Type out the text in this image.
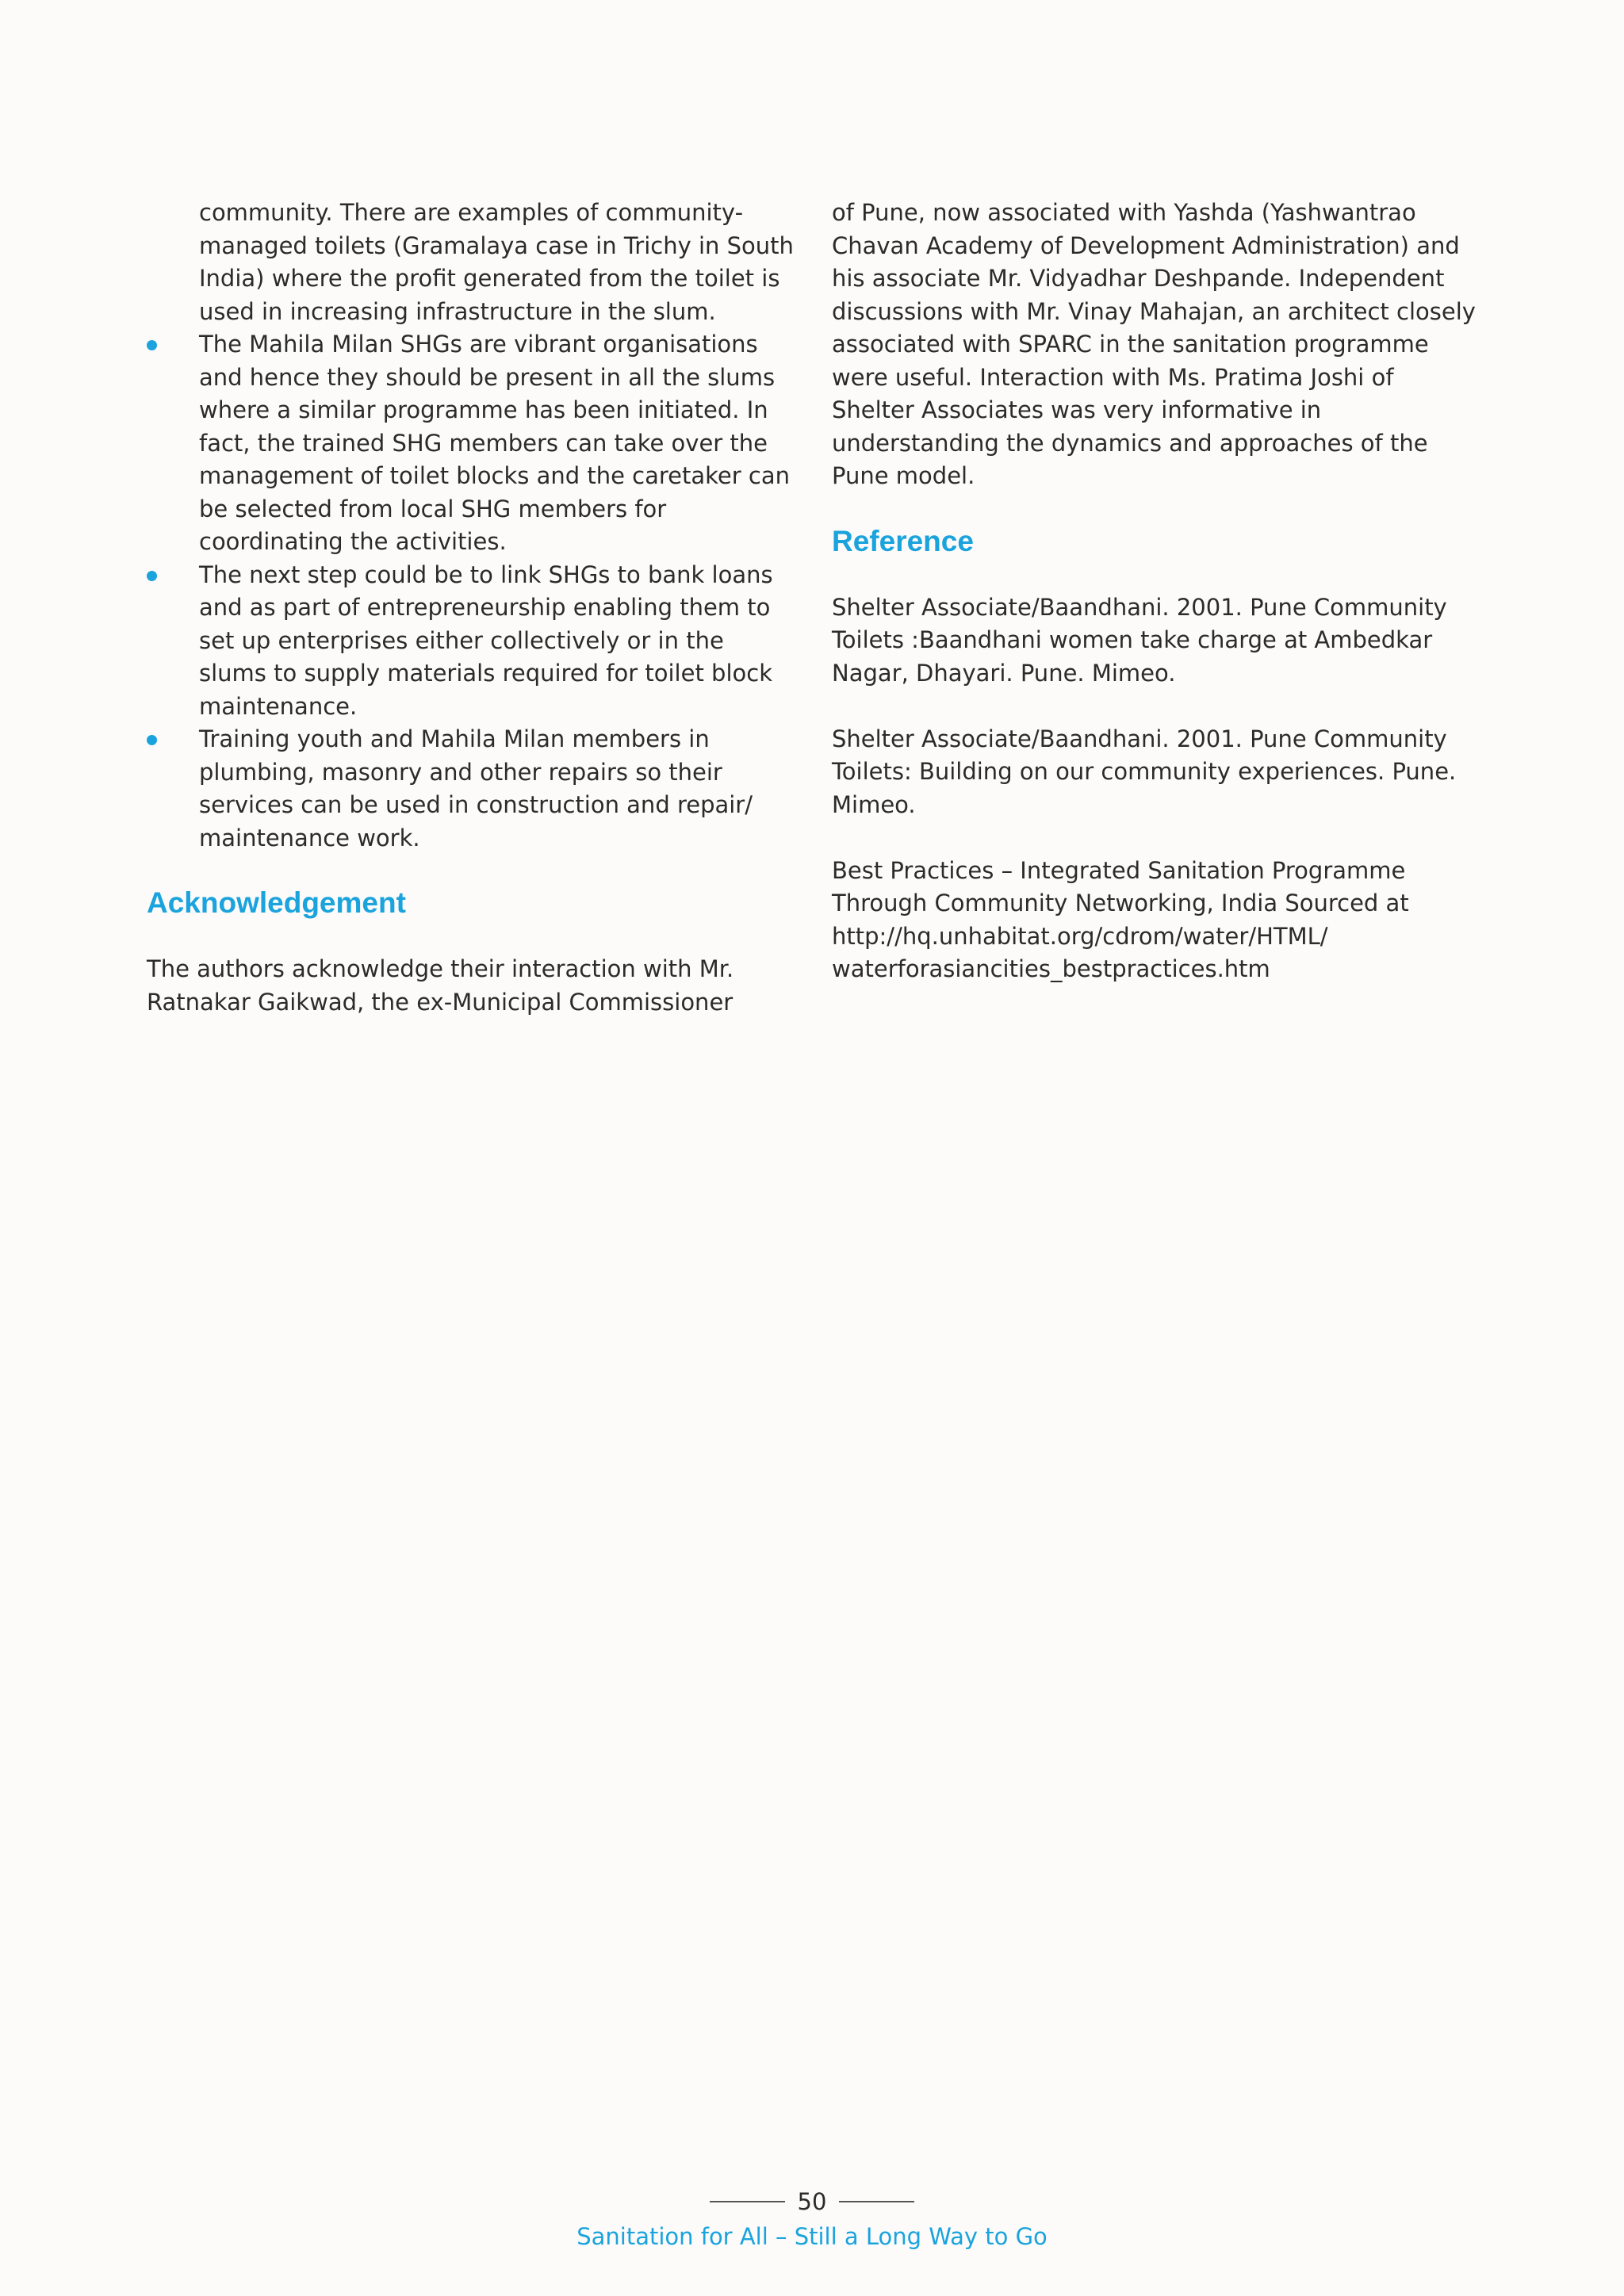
community. There are examples of community-managed toilets (Gramalaya case in Trichy in South India) where the profit generated from the toilet is used in increasing infrastructure in the slum.

The Mahila Milan SHGs are vibrant organisations and hence they should be present in all the slums where a similar programme has been initiated. In fact, the trained SHG members can take over the management of toilet blocks and the caretaker can be selected from local SHG members for coordinating the activities.
The next step could be to link SHGs to bank loans and as part of entrepreneurship enabling them to set up enterprises either collectively or in the slums to supply materials required for toilet block maintenance.
Training youth and Mahila Milan members in plumbing, masonry and other repairs so their services can be used in construction and repair/ maintenance work.
Acknowledgement

The authors acknowledge their interaction with Mr. Ratnakar Gaikwad, the ex-Municipal Commissioner

of Pune, now associated with Yashda (Yashwantrao Chavan Academy of Development Administration) and his associate Mr. Vidyadhar Deshpande. Independent discussions with Mr. Vinay Mahajan, an architect closely associated with SPARC in the sanitation programme were useful. Interaction with Ms. Pratima Joshi of Shelter Associates was very informative in understanding the dynamics and approaches of the Pune model.

Reference

Shelter Associate/Baandhani. 2001. Pune Community Toilets :Baandhani women take charge at Ambedkar Nagar, Dhayari. Pune. Mimeo.

Shelter Associate/Baandhani. 2001. Pune Community Toilets: Building on our community experiences. Pune. Mimeo.

Best Practices – Integrated Sanitation Programme Through Community Networking, India Sourced at http://hq.unhabitat.org/cdrom/water/HTML/ waterforasiancities_bestpractices.htm

50
Sanitation for All – Still a Long Way to Go
